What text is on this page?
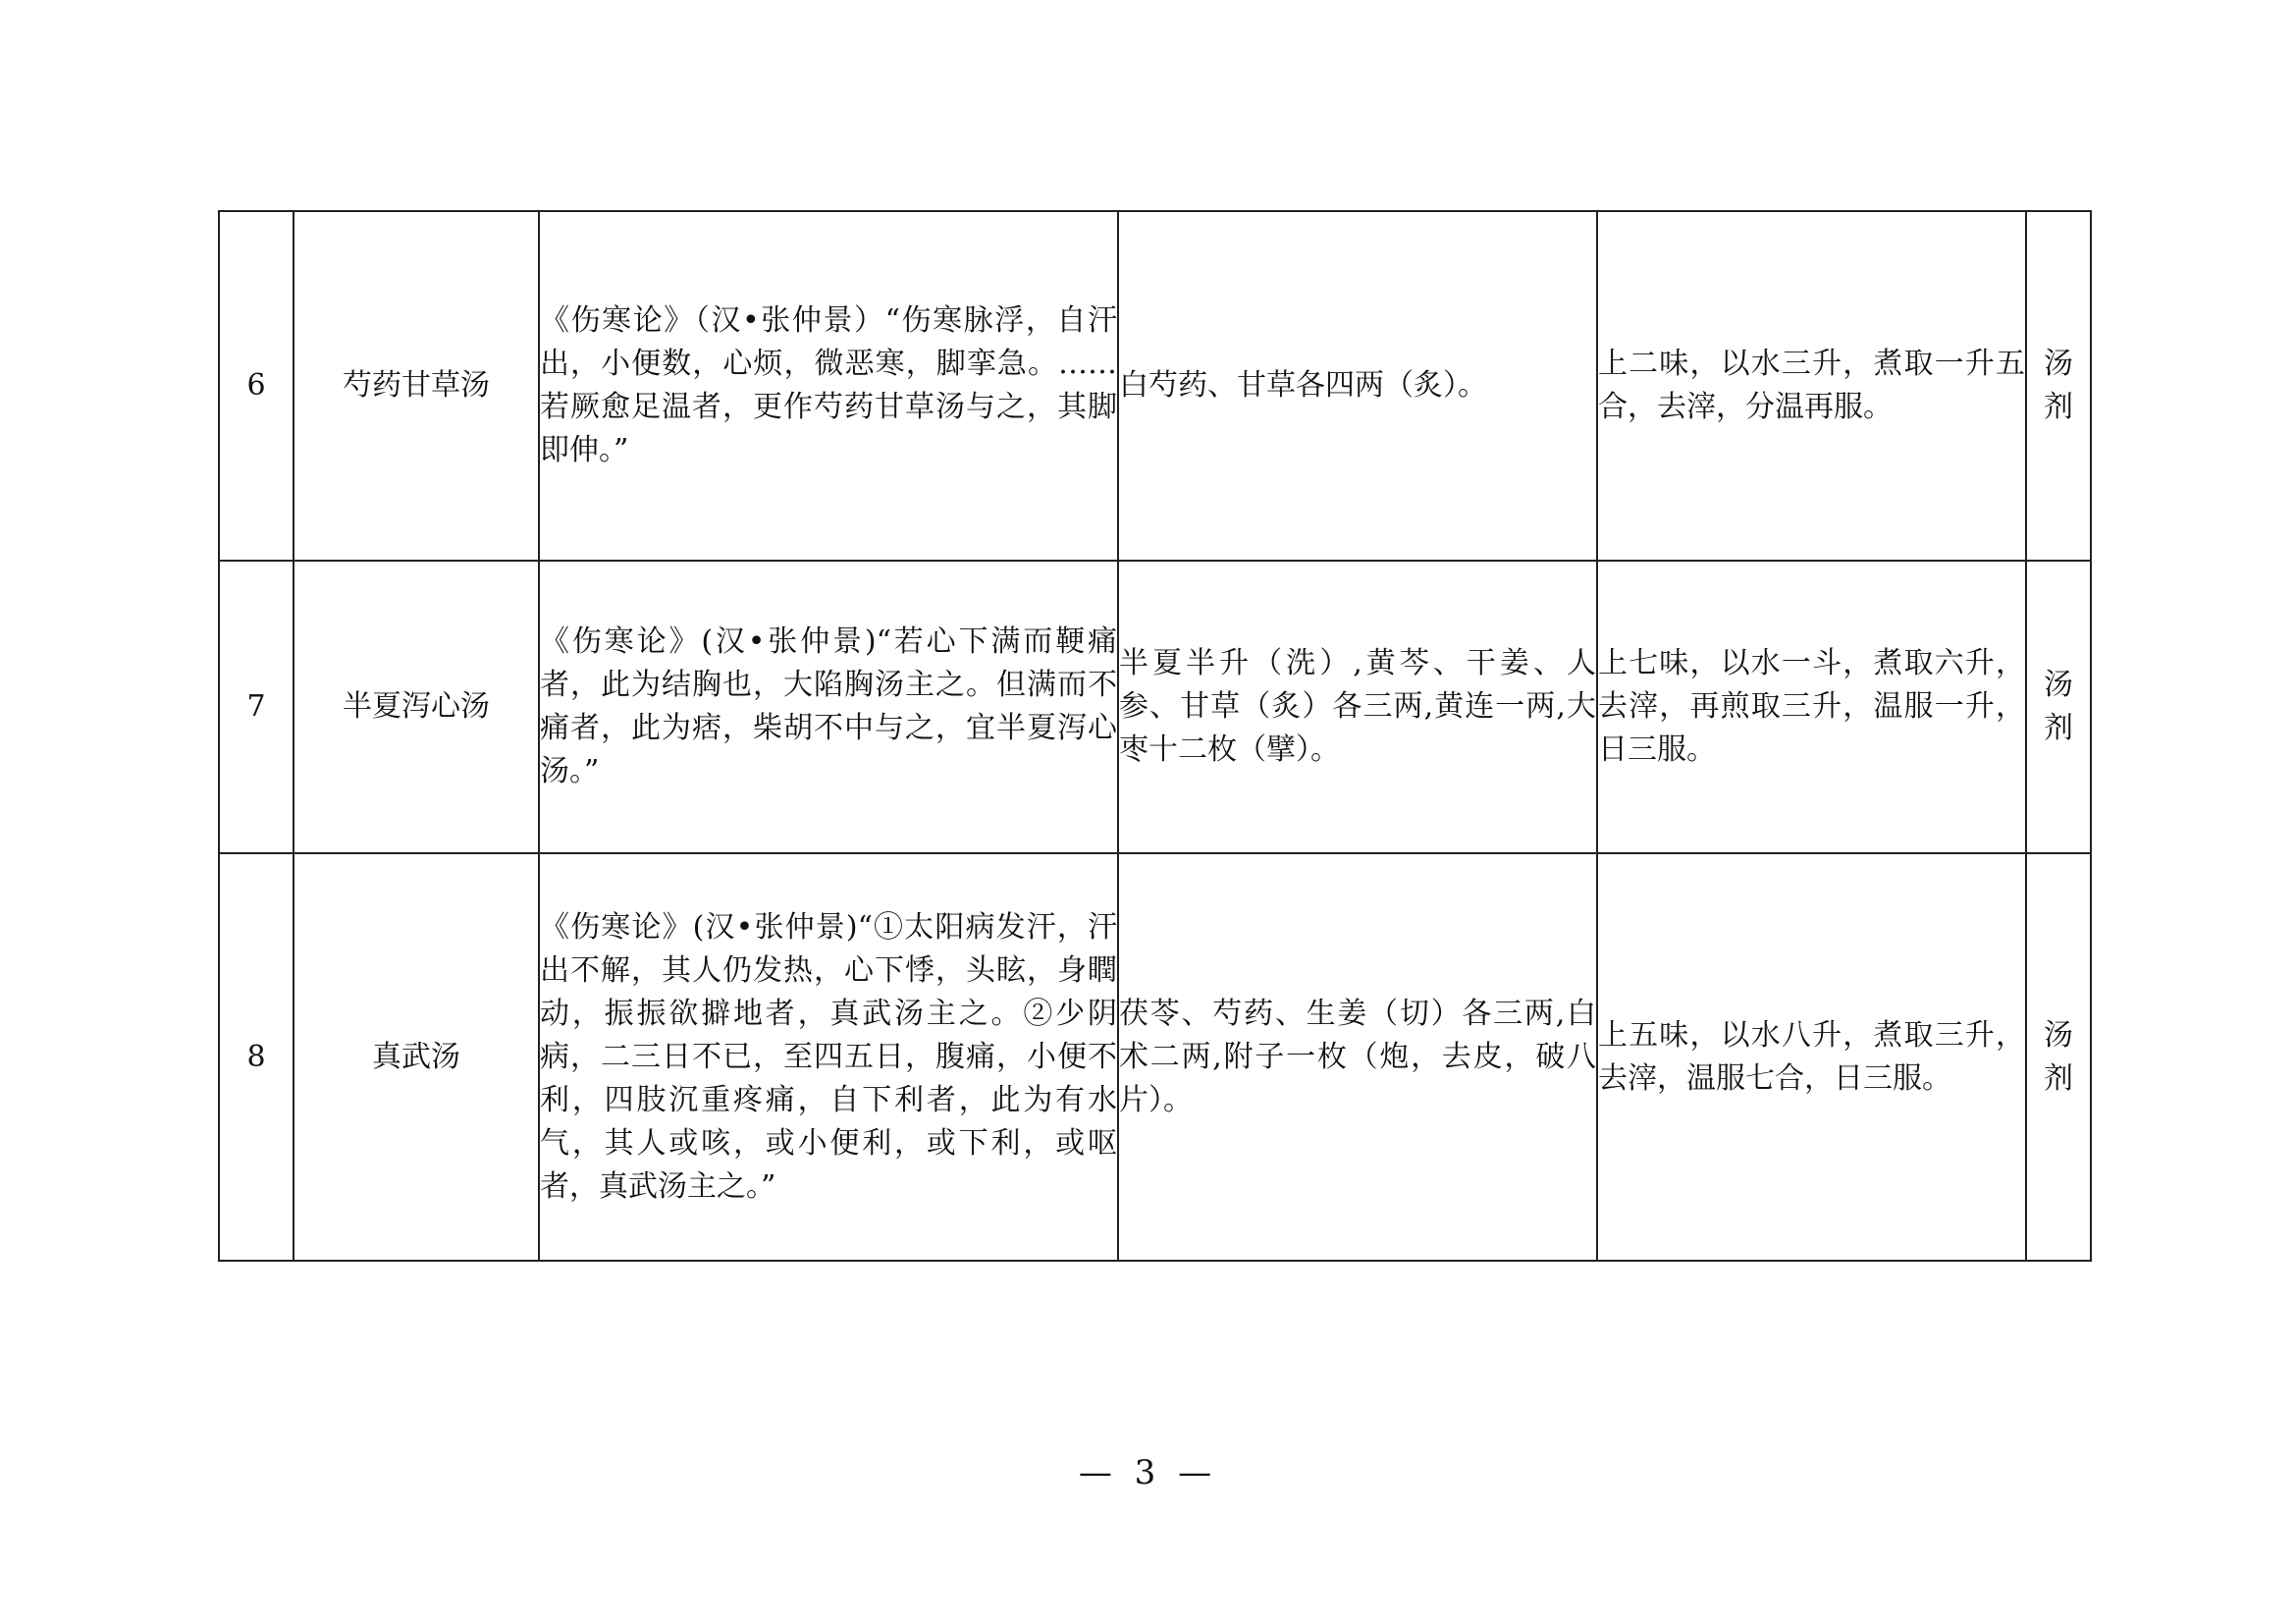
6	芍药甘草汤	《伤寒论》（汉•张仲景）“伤寒脉浮，自汗出，小便数，心烦，微恶寒，脚挛急。……若厥愈足温者，更作芍药甘草汤与之，其脚即伸。”	白芍药、甘草各四两（炙）。	上二味，以水三升，煮取一升五合，去滓，分温再服。	汤剂
7	半夏泻心汤	《伤寒论》(汉•张仲景)“若心下满而鞕痛者，此为结胸也，大陷胸汤主之。但满而不痛者，此为痞，柴胡不中与之，宜半夏泻心汤。”	半夏半升（洗）,黄芩、干姜、人参、甘草（炙）各三两,黄连一两,大枣十二枚（擘）。	上七味，以水一斗，煮取六升，去滓，再煎取三升，温服一升，日三服。	汤剂
8	真武汤	《伤寒论》(汉•张仲景)“①太阳病发汗，汗出不解，其人仍发热，心下悸，头眩，身瞤动，振振欲擗地者，真武汤主之。②少阴病，二三日不已，至四五日，腹痛，小便不利，四肢沉重疼痛，自下利者，此为有水气，其人或咳，或小便利，或下利，或呕者，真武汤主之。”	茯苓、芍药、生姜（切）各三两,白术二两,附子一枚（炮，去皮，破八片）。	上五味，以水八升，煮取三升，去滓，温服七合，日三服。	汤剂
— 3 —
